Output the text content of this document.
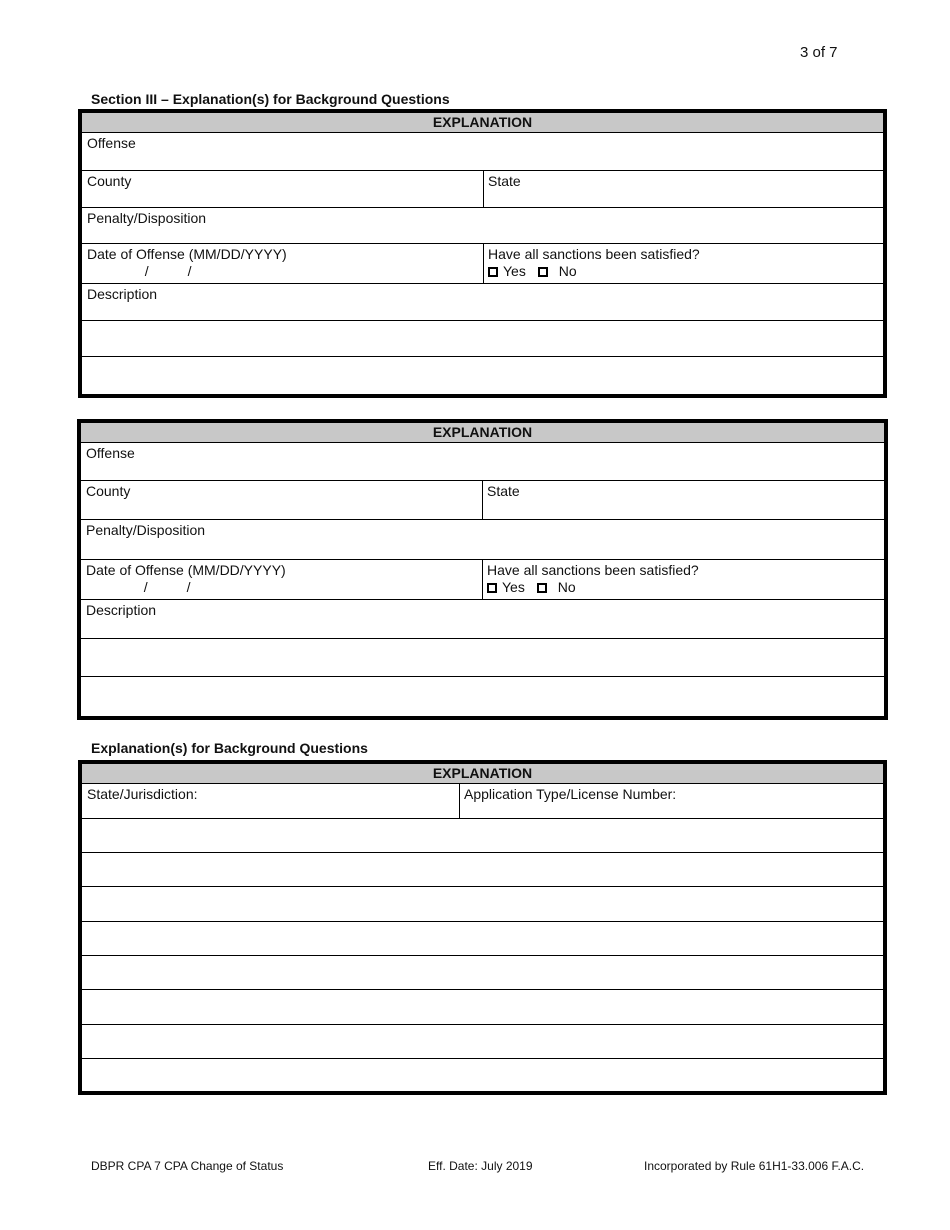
3 of 7
Section III – Explanation(s) for Background Questions
EXPLANATION
Offense
County	State
Penalty/Disposition
Date of Offense (MM/DD/YYYY)
/          /
Have all sanctions been satisfied?
Yes No
Description
EXPLANATION
Offense
County	State
Penalty/Disposition
Date of Offense (MM/DD/YYYY)
/          /
Have all sanctions been satisfied?
Yes No
Description
Explanation(s) for Background Questions
EXPLANATION
State/Jurisdiction:	Application Type/License Number:
DBPR CPA 7 CPA Change of Status	Eff. Date: July 2019	Incorporated by Rule 61H1-33.006 F.A.C.
